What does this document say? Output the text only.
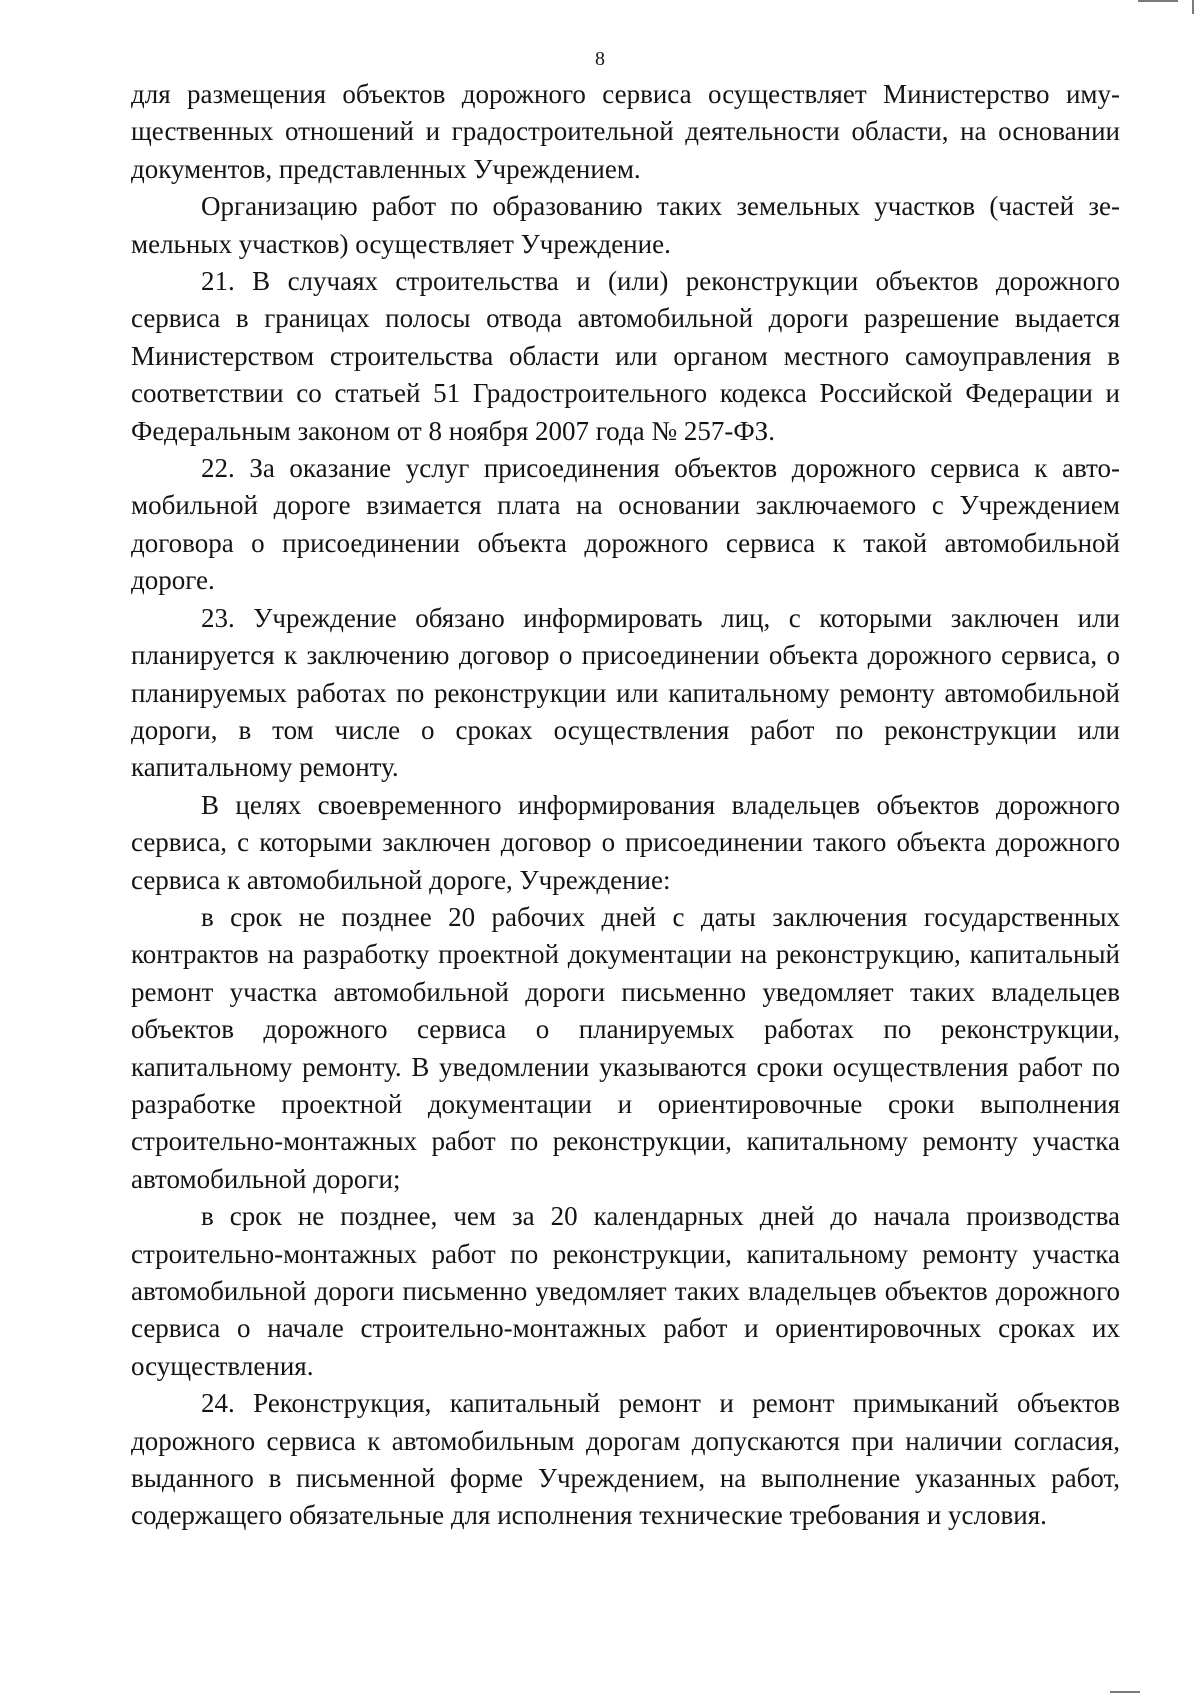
8

для размещения объектов дорожного сервиса осуществляет Министерство имущественных отношений и градостроительной деятельности области, на основании документов, представленных Учреждением.

Организацию работ по образованию таких земельных участков (частей земельных участков) осуществляет Учреждение.

21. В случаях строительства и (или) реконструкции объектов дорожного сервиса в границах полосы отвода автомобильной дороги разрешение выдается Министерством строительства области или органом местного самоуправления в соответствии со статьей 51 Градостроительного кодекса Российской Федерации и Федеральным законом от 8 ноября 2007 года № 257-ФЗ.

22. За оказание услуг присоединения объектов дорожного сервиса к автомобильной дороге взимается плата на основании заключаемого с Учреждением договора о присоединении объекта дорожного сервиса к такой автомобильной дороге.

23. Учреждение обязано информировать лиц, с которыми заключен или планируется к заключению договор о присоединении объекта дорожного сервиса, о планируемых работах по реконструкции или капитальному ремонту автомобильной дороги, в том числе о сроках осуществления работ по реконструкции или капитальному ремонту.

В целях своевременного информирования владельцев объектов дорожного сервиса, с которыми заключен договор о присоединении такого объекта дорожного сервиса к автомобильной дороге, Учреждение:

в срок не позднее 20 рабочих дней с даты заключения государственных контрактов на разработку проектной документации на реконструкцию, капитальный ремонт участка автомобильной дороги письменно уведомляет таких владельцев объектов дорожного сервиса о планируемых работах по реконструкции, капитальному ремонту. В уведомлении указываются сроки осуществления работ по разработке проектной документации и ориентировочные сроки выполнения строительно-монтажных работ по реконструкции, капитальному ремонту участка автомобильной дороги;

в срок не позднее, чем за 20 календарных дней до начала производства строительно-монтажных работ по реконструкции, капитальному ремонту участка автомобильной дороги письменно уведомляет таких владельцев объектов дорожного сервиса о начале строительно-монтажных работ и ориентировочных сроках их осуществления.

24. Реконструкция, капитальный ремонт и ремонт примыканий объектов дорожного сервиса к автомобильным дорогам допускаются при наличии согласия, выданного в письменной форме Учреждением, на выполнение указанных работ, содержащего обязательные для исполнения технические требования и условия.
